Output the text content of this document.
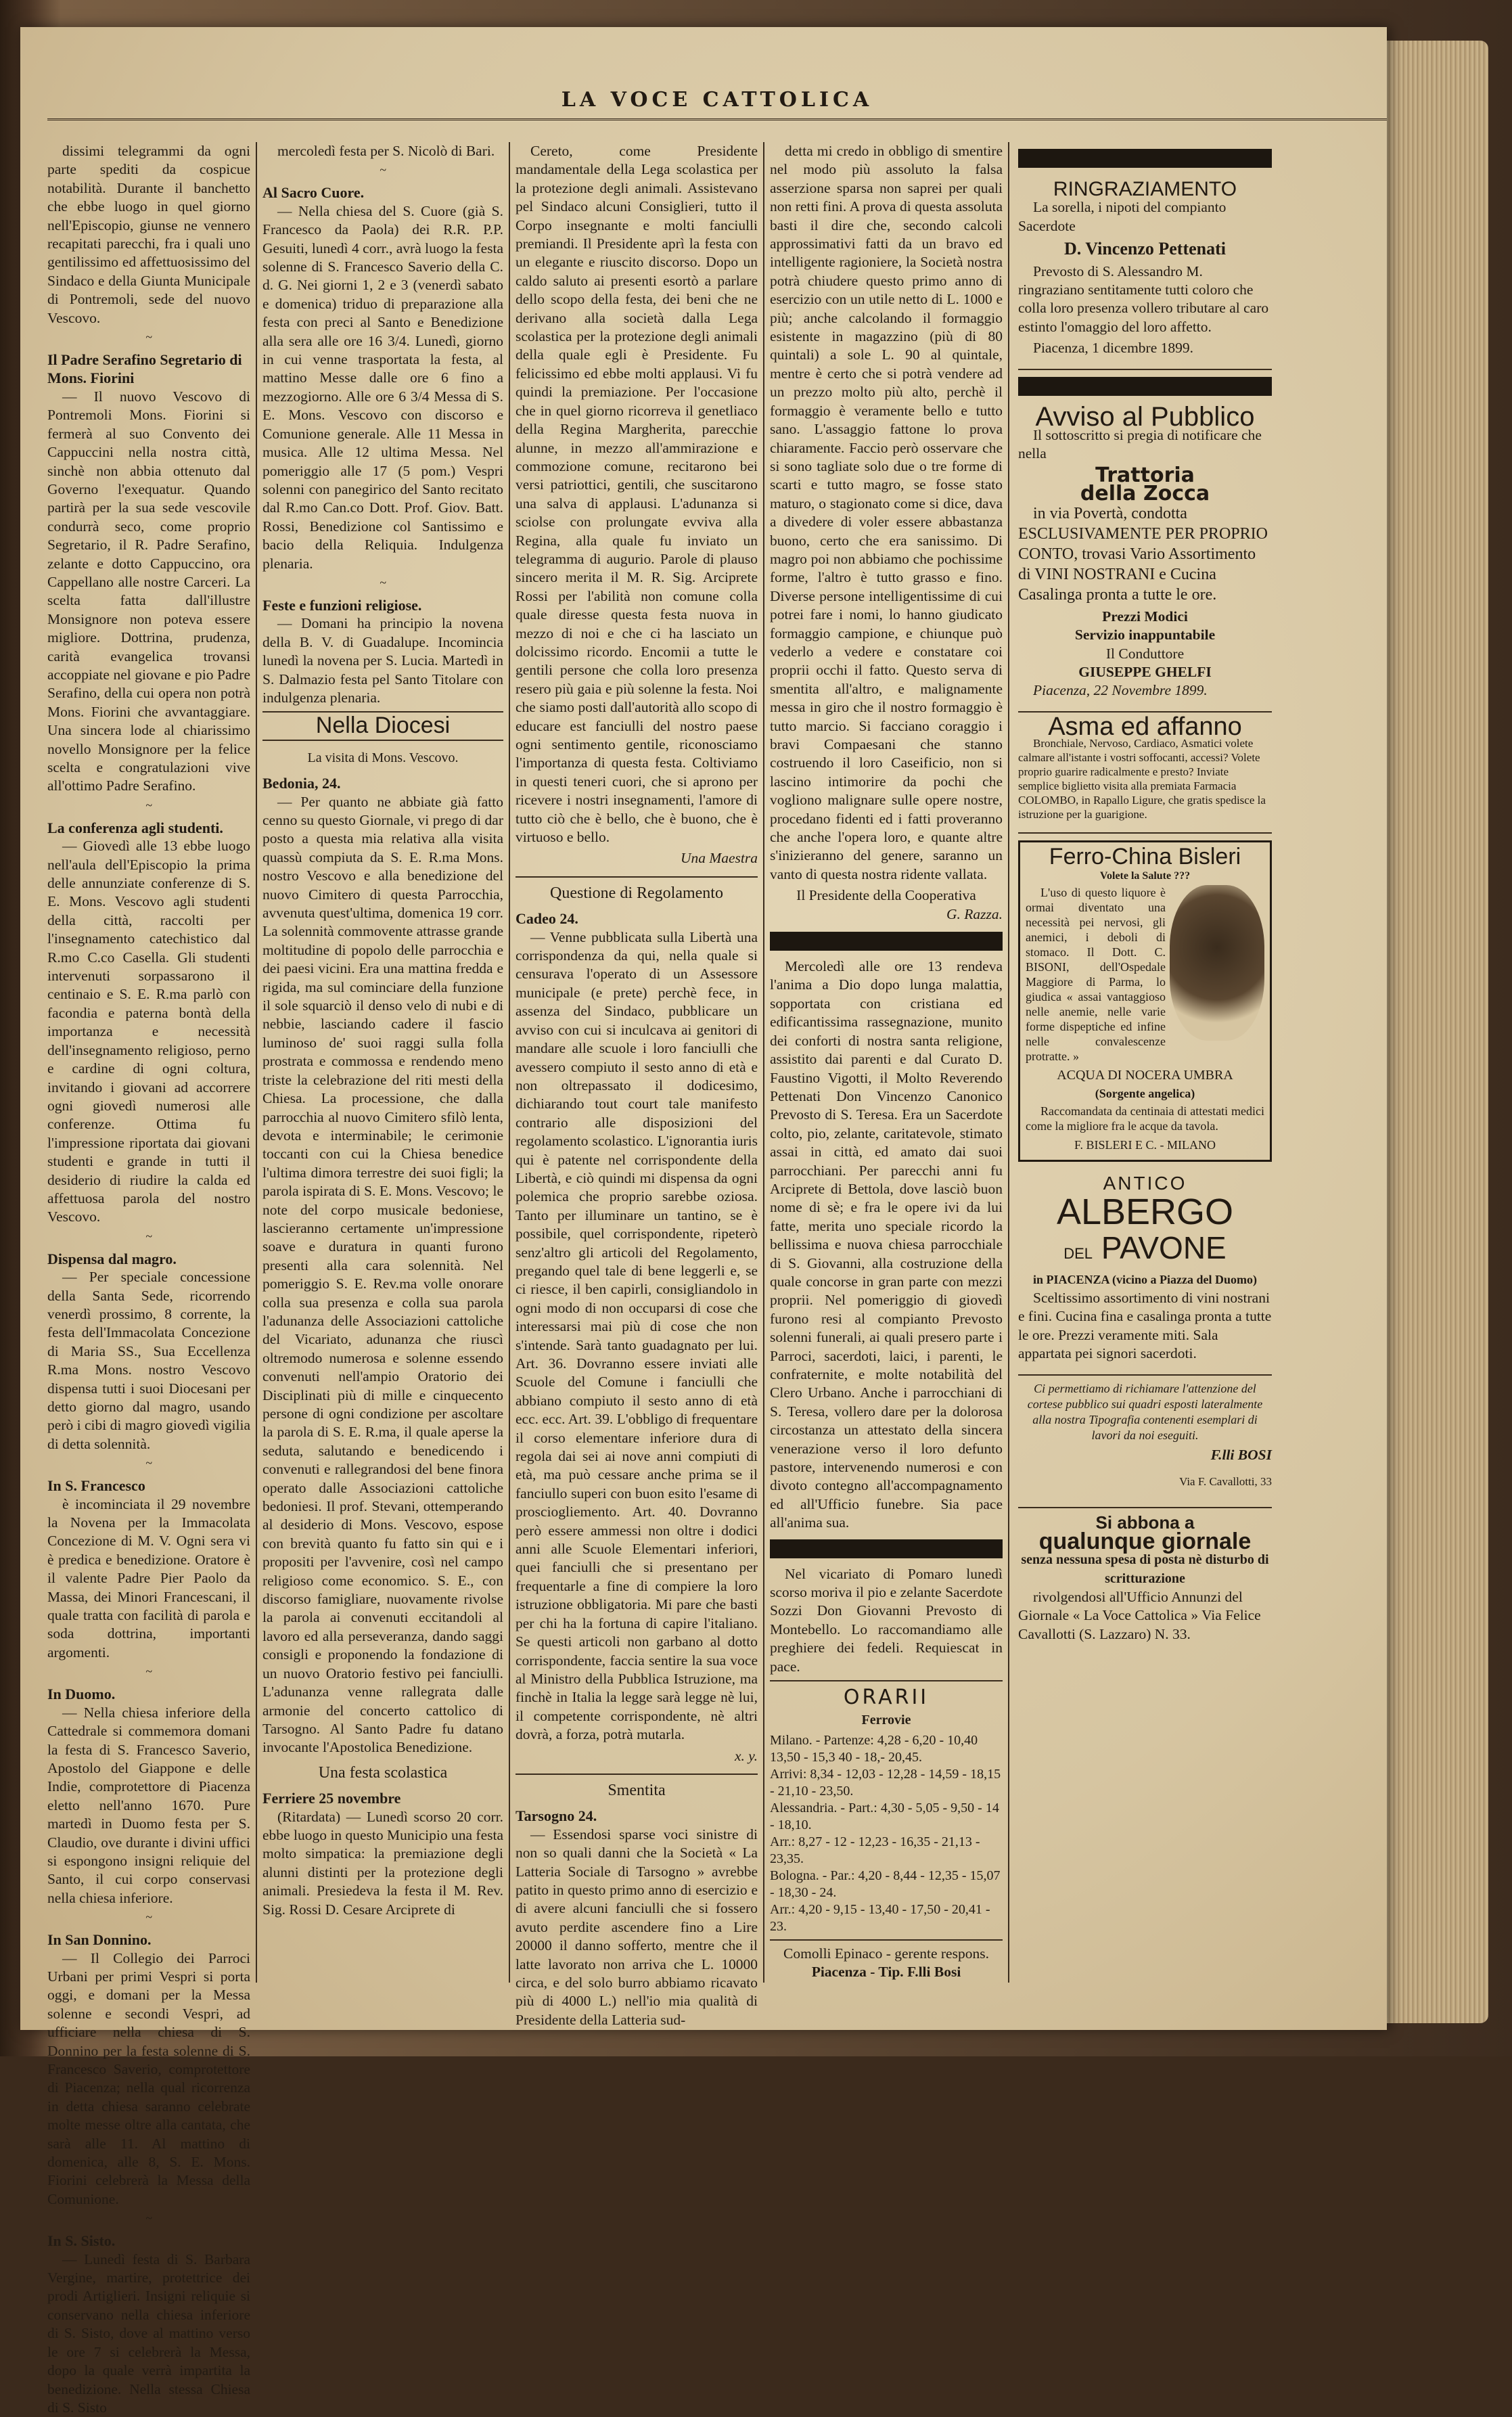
LA VOCE CATTOLICA

dissimi telegrammi da ogni parte spediti da cospicue notabilità. Durante il banchetto che ebbe luogo in quel giorno nell'Episcopio, giunse ne vennero recapitati parecchi, fra i quali uno gentilissimo ed affettuosissimo del Sindaco e della Giunta Municipale di Pontremoli, sede del nuovo Vescovo.

~
Il Padre Serafino Segretario di Mons. Fiorini

— Il nuovo Vescovo di Pontremoli Mons. Fiorini si fermerà al suo Convento dei Cappuccini nella nostra città, sinchè non abbia ottenuto dal Governo l'exequatur. Quando partirà per la sua sede vescovile condurrà seco, come proprio Segretario, il R. Padre Serafino, zelante e dotto Cappuccino, ora Cappellano alle nostre Carceri. La scelta fatta dall'illustre Monsignore non poteva essere migliore. Dottrina, prudenza, carità evangelica trovansi accoppiate nel giovane e pio Padre Serafino, della cui opera non potrà Mons. Fiorini che avvantaggiare. Una sincera lode al chiarissimo novello Monsignore per la felice scelta e congratulazioni vive all'ottimo Padre Serafino.

~
La conferenza agli studenti.

— Giovedì alle 13 ebbe luogo nell'aula dell'Episcopio la prima delle annunziate conferenze di S. E. Mons. Vescovo agli studenti della città, raccolti per l'insegnamento catechistico dal R.mo C.co Casella. Gli studenti intervenuti sorpassarono il centinaio e S. E. R.ma parlò con facondia e paterna bontà della importanza e necessità dell'insegnamento religioso, perno e cardine di ogni coltura, invitando i giovani ad accorrere ogni giovedì numerosi alle conferenze. Ottima fu l'impressione riportata dai giovani studenti e grande in tutti il desiderio di riudire la calda ed affettuosa parola del nostro Vescovo.

~
Dispensa dal magro.

— Per speciale concessione della Santa Sede, ricorrendo venerdì prossimo, 8 corrente, la festa dell'Immacolata Concezione di Maria SS., Sua Eccellenza R.ma Mons. nostro Vescovo dispensa tutti i suoi Diocesani per detto giorno dal magro, usando però i cibi di magro giovedì vigilia di detta solennità.

~
In S. Francesco

è incominciata il 29 novembre la Novena per la Immacolata Concezione di M. V. Ogni sera vi è predica e benedizione. Oratore è il valente Padre Pier Paolo da Massa, dei Minori Francescani, il quale tratta con facilità di parola e soda dottrina, importanti argomenti.

~
In Duomo.

— Nella chiesa inferiore della Cattedrale si commemora domani la festa di S. Francesco Saverio, Apostolo del Giappone e delle Indie, comprotettore di Piacenza eletto nell'anno 1670. Pure martedì in Duomo festa per S. Claudio, ove durante i divini uffici si espongono insigni reliquie del Santo, il cui corpo conservasi nella chiesa inferiore.

~
In San Donnino.

— Il Collegio dei Parroci Urbani per primi Vespri si porta oggi, e domani per la Messa solenne e secondi Vespri, ad ufficiare nella chiesa di S. Donnino per la festa solenne di S. Francesco Saverio, comprotettore di Piacenza; nella qual ricorrenza in detta chiesa saranno celebrate molte messe oltre alla cantata, che sarà alle 11. Al mattino di domenica, alle 8, S. E. Mons. Fiorini celebrerà la Messa della Comunione.

~
In S. Sisto.

— Lunedì festa di S. Barbara Vergine, martire, protettrice dei prodi Artiglieri. Insigni reliquie si conservano nella chiesa inferiore di S. Sisto, dove al mattino verso le ore 7 si celebrerà la Messa, dopo la quale verrà impartita la benedizione. Nella stessa Chiesa di S. Sisto

mercoledì festa per S. Nicolò di Bari.

~
Al Sacro Cuore.

— Nella chiesa del S. Cuore (già S. Francesco da Paola) dei R.R. P.P. Gesuiti, lunedì 4 corr., avrà luogo la festa solenne di S. Francesco Saverio della C. d. G. Nei giorni 1, 2 e 3 (venerdì sabato e domenica) triduo di preparazione alla festa con preci al Santo e Benedizione alla sera alle ore 16 3/4. Lunedì, giorno in cui venne trasportata la festa, al mattino Messe dalle ore 6 fino a mezzogiorno. Alle ore 6 3/4 Messa di S. E. Mons. Vescovo con discorso e Comunione generale. Alle 11 Messa in musica. Alle 12 ultima Messa. Nel pomeriggio alle 17 (5 pom.) Vespri solenni con panegirico del Santo recitato dal R.mo Can.co Dott. Prof. Giov. Batt. Rossi, Benedizione col Santissimo e bacio della Reliquia. Indulgenza plenaria.

~
Feste e funzioni religiose.

— Domani ha principio la novena della B. V. di Guadalupe. Incomincia lunedì la novena per S. Lucia. Martedì in S. Dalmazio festa pel Santo Titolare con indulgenza plenaria.

Nella Diocesi
La visita di Mons. Vescovo.
Bedonia, 24.

— Per quanto ne abbiate già fatto cenno su questo Giornale, vi prego di dar posto a questa mia relativa alla visita quassù compiuta da S. E. R.ma Mons. nostro Vescovo e alla benedizione del nuovo Cimitero di questa Parrocchia, avvenuta quest'ultima, domenica 19 corr. La solennità commovente attrasse grande moltitudine di popolo delle parrocchia e dei paesi vicini. Era una mattina fredda e rigida, ma sul cominciare della funzione il sole squarciò il denso velo di nubi e di nebbie, lasciando cadere il fascio luminoso de' suoi raggi sulla folla prostrata e commossa e rendendo meno triste la celebrazione del riti mesti della Chiesa. La processione, che dalla parrocchia al nuovo Cimitero sfilò lenta, devota e interminabile; le cerimonie toccanti con cui la Chiesa benedice l'ultima dimora terrestre dei suoi figli; la parola ispirata di S. E. Mons. Vescovo; le note del corpo musicale bedoniese, lascieranno certamente un'impressione soave e duratura in quanti furono presenti alla cara solennità. Nel pomeriggio S. E. Rev.ma volle onorare colla sua presenza e colla sua parola l'adunanza delle Associazioni cattoliche del Vicariato, adunanza che riuscì oltremodo numerosa e solenne essendo convenuti nell'ampio Oratorio dei Disciplinati più di mille e cinquecento persone di ogni condizione per ascoltare la parola di S. E. R.ma, il quale aperse la seduta, salutando e benedicendo i convenuti e rallegrandosi del bene finora operato dalle Associazioni cattoliche bedoniesi. Il prof. Stevani, ottemperando al desiderio di Mons. Vescovo, espose con brevità quanto fu fatto sin qui e i propositi per l'avvenire, così nel campo religioso come economico. S. E., con discorso famigliare, nuovamente rivolse la parola ai convenuti eccitandoli al lavoro ed alla perseveranza, dando saggi consigli e proponendo la fondazione di un nuovo Oratorio festivo pei fanciulli. L'adunanza venne rallegrata dalle armonie del concerto cattolico di Tarsogno. Al Santo Padre fu datano invocante l'Apostolica Benedizione.

Una festa scolastica
Ferriere 25 novembre

(Ritardata) — Lunedì scorso 20 corr. ebbe luogo in questo Municipio una festa molto simpatica: la premiazione degli alunni distinti per la protezione degli animali. Presiedeva la festa il M. Rev. Sig. Rossi D. Cesare Arciprete di

Cereto, come Presidente mandamentale della Lega scolastica per la protezione degli animali. Assistevano pel Sindaco alcuni Consiglieri, tutto il Corpo insegnante e molti fanciulli premiandi. Il Presidente aprì la festa con un elegante e riuscito discorso. Dopo un caldo saluto ai presenti esortò a parlare dello scopo della festa, dei beni che ne derivano alla società dalla Lega scolastica per la protezione degli animali della quale egli è Presidente. Fu felicissimo ed ebbe molti applausi. Vi fu quindi la premiazione. Per l'occasione che in quel giorno ricorreva il genetliaco della Regina Margherita, parecchie alunne, in mezzo all'ammirazione e commozione comune, recitarono bei versi patriottici, gentili, che suscitarono una salva di applausi. L'adunanza si sciolse con prolungate evviva alla Regina, alla quale fu inviato un telegramma di augurio. Parole di plauso sincero merita il M. R. Sig. Arciprete Rossi per l'abilità non comune colla quale diresse questa festa nuova in mezzo di noi e che ci ha lasciato un dolcissimo ricordo. Encomii a tutte le gentili persone che colla loro presenza resero più gaia e più solenne la festa. Noi che siamo posti dall'autorità allo scopo di educare est fanciulli del nostro paese ogni sentimento gentile, riconosciamo l'importanza di questa festa. Coltiviamo in questi teneri cuori, che si aprono per ricevere i nostri insegnamenti, l'amore di tutto ciò che è bello, che è buono, che è virtuoso e bello.

Una Maestra
Questione di Regolamento
Cadeo 24.

— Venne pubblicata sulla Libertà una corrispondenza da qui, nella quale si censurava l'operato di un Assessore municipale (e prete) perchè fece, in assenza del Sindaco, pubblicare un avviso con cui si inculcava ai genitori di mandare alle scuole i loro fanciulli che avessero compiuto il sesto anno di età e non oltrepassato il dodicesimo, dichiarando tout court tale manifesto contrario alle disposizioni del regolamento scolastico. L'ignorantia iuris qui è patente nel corrispondente della Libertà, e ciò quindi mi dispensa da ogni polemica che proprio sarebbe oziosa. Tanto per illuminare un tantino, se è possibile, quel corrispondente, ripeterò senz'altro gli articoli del Regolamento, pregando quel tale di bene leggerli e, se ci riesce, il ben capirli, consigliandolo in ogni modo di non occuparsi di cose che interessarsi mai più di cose che non s'intende. Sarà tanto guadagnato per lui. Art. 36. Dovranno essere inviati alle Scuole del Comune i fanciulli che abbiano compiuto il sesto anno di età ecc. ecc. Art. 39. L'obbligo di frequentare il corso elementare inferiore dura di regola dai sei ai nove anni compiuti di età, ma può cessare anche prima se il fanciullo superi con buon esito l'esame di prosciogliemento. Art. 40. Dovranno però essere ammessi non oltre i dodici anni alle Scuole Elementari inferiori, quei fanciulli che si presentano per frequentarle a fine di compiere la loro istruzione obbligatoria. Mi pare che basti per chi ha la fortuna di capire l'italiano. Se questi articoli non garbano al dotto corrispondente, faccia sentire la sua voce al Ministro della Pubblica Istruzione, ma finchè in Italia la legge sarà legge nè lui, il competente corrispondente, nè altri dovrà, a forza, potrà mutarla.

x. y.
Smentita
Tarsogno 24.

— Essendosi sparse voci sinistre di non so quali danni che la Società « La Latteria Sociale di Tarsogno » avrebbe patito in questo primo anno di esercizio e di avere alcuni fanciulli che si fossero avuto perdite ascendere fino a Lire 20000 il danno sofferto, mentre che il latte lavorato non arriva che L. 10000 circa, e del solo burro abbiamo ricavato più di 4000 L.) nell'io mia qualità di Presidente della Latteria sud-

detta mi credo in obbligo di smentire nel modo più assoluto la falsa asserzione sparsa non saprei per quali non retti fini. A prova di questa assoluta basti il dire che, secondo calcoli approssimativi fatti da un bravo ed intelligente ragioniere, la Società nostra potrà chiudere questo primo anno di esercizio con un utile netto di L. 1000 e più; anche calcolando il formaggio esistente in magazzino (più di 80 quintali) a sole L. 90 al quintale, mentre è certo che si potrà vendere ad un prezzo molto più alto, perchè il formaggio è veramente bello e tutto sano. L'assaggio fattone lo prova chiaramente. Faccio però osservare che si sono tagliate solo due o tre forme di scarti e tutto magro, se fosse stato maturo, o stagionato come si dice, dava a divedere di voler essere abbastanza buono, certo che era sanissimo. Di magro poi non abbiamo che pochissime forme, l'altro è tutto grasso e fino. Diverse persone intelligentissime di cui potrei fare i nomi, lo hanno giudicato formaggio campione, e chiunque può vederlo a vedere e constatare coi proprii occhi il fatto. Questo serva di smentita all'altro, e malignamente messa in giro che il nostro formaggio è tutto marcio. Si facciano coraggio i bravi Compaesani che stanno costruendo il loro Caseificio, non si lascino intimorire da pochi che vogliono malignare sulle opere nostre, procedano fidenti ed i fatti proveranno che anche l'opera loro, e quante altre s'inizieranno del genere, saranno un vanto di questa nostra ridente vallata.

Il Presidente della Cooperativa
G. Razza.

Mercoledì alle ore 13 rendeva l'anima a Dio dopo lunga malattia, sopportata con cristiana ed edificantissima rassegnazione, munito dei conforti di nostra santa religione, assistito dai parenti e dal Curato D. Faustino Vigotti, il Molto Reverendo Pettenati Don Vincenzo Canonico Prevosto di S. Teresa. Era un Sacerdote colto, pio, zelante, caritatevole, stimato assai in città, ed amato dai suoi parrocchiani. Per parecchi anni fu Arciprete di Bettola, dove lasciò buon nome di sè; e fra le opere ivi da lui fatte, merita uno speciale ricordo la bellissima e nuova chiesa parrocchiale di S. Giovanni, alla costruzione della quale concorse in gran parte con mezzi proprii. Nel pomeriggio di giovedì furono resi al compianto Prevosto solenni funerali, ai quali presero parte i Parroci, sacerdoti, laici, i parenti, le confraternite, e molte notabilità del Clero Urbano. Anche i parrocchiani di S. Teresa, vollero dare per la dolorosa circostanza un attestato della sincera venerazione verso il loro defunto pastore, intervenendo numerosi e con divoto contegno all'accompagnamento ed all'Ufficio funebre. Sia pace all'anima sua.

Nel vicariato di Pomaro lunedì scorso moriva il pio e zelante Sacerdote Sozzi Don Giovanni Prevosto di Montebello. Lo raccomandiamo alle preghiere dei fedeli. Requiescat in pace.

ORARII
Ferrovie
Milano. - Partenze: 4,28 - 6,20 - 10,40 13,50 - 15,3 40 - 18,- 20,45.
Arrivi: 8,34 - 12,03 - 12,28 - 14,59 - 18,15 - 21,10 - 23,50.
Alessandria. - Part.: 4,30 - 5,05 - 9,50 - 14 - 18,10.
Arr.: 8,27 - 12 - 12,23 - 16,35 - 21,13 - 23,35.
Bologna. - Par.: 4,20 - 8,44 - 12,35 - 15,07 - 18,30 - 24.
Arr.: 4,20 - 9,15 - 13,40 - 17,50 - 20,41 - 23.
Comolli Epinaco - gerente respons.
Piacenza - Tip. F.lli Bosi
RINGRAZIAMENTO

La sorella, i nipoti del compianto Sacerdote

D. Vincenzo Pettenati

Prevosto di S. Alessandro M. ringraziano sentitamente tutti coloro che colla loro presenza vollero tributare al caro estinto l'omaggio del loro affetto.

Piacenza, 1 dicembre 1899.

Avviso al Pubblico

Il sottoscritto si pregia di notificare che nella

Trattoria
della Zocca

in via Povertà, condotta ESCLUSIVAMENTE PER PROPRIO CONTO, trovasi Vario Assortimento di VINI NOSTRANI e Cucina Casalinga pronta a tutte le ore.

Prezzi Modici
Servizio inappuntabile
Il Conduttore
GIUSEPPE GHELFI

Piacenza, 22 Novembre 1899.

Asma ed affanno

Bronchiale, Nervoso, Cardiaco, Asmatici volete calmare all'istante i vostri soffocanti, accessi? Volete proprio guarire radicalmente e presto? Inviate semplice biglietto visita alla premiata Farmacia COLOMBO, in Rapallo Ligure, che gratis spedisce la istruzione per la guarigione.

Ferro-China Bisleri
Volete la Salute ???

L'uso di questo liquore è ormai diventato una necessità pei nervosi, gli anemici, i deboli di stomaco. Il Dott. C. BISONI, dell'Ospedale Maggiore di Parma, lo giudica « assai vantaggioso nelle anemie, nelle varie forme dispeptiche ed infine nelle convalescenze protratte. »

ACQUA DI NOCERA UMBRA
(Sorgente angelica)

Raccomandata da centinaia di attestati medici come la migliore fra le acque da tavola.

F. BISLERI E C. - MILANO
ANTICO
ALBERGO
DEL PAVONE
in PIACENZA (vicino a Piazza del Duomo)

Sceltissimo assortimento di vini nostrani e fini. Cucina fina e casalinga pronta a tutte le ore. Prezzi veramente miti. Sala appartata pei signori sacerdoti.

Ci permettiamo di richiamare l'attenzione del cortese pubblico sui quadri esposti lateralmente alla nostra Tipografia contenenti esemplari di lavori da noi eseguiti.

F.lli BOSI
Via F. Cavallotti, 33
Si abbona a
qualunque giornale
senza nessuna spesa di posta nè disturbo di scritturazione

rivolgendosi all'Ufficio Annunzi del Giornale « La Voce Cattolica » Via Felice Cavallotti (S. Lazzaro) N. 33.
